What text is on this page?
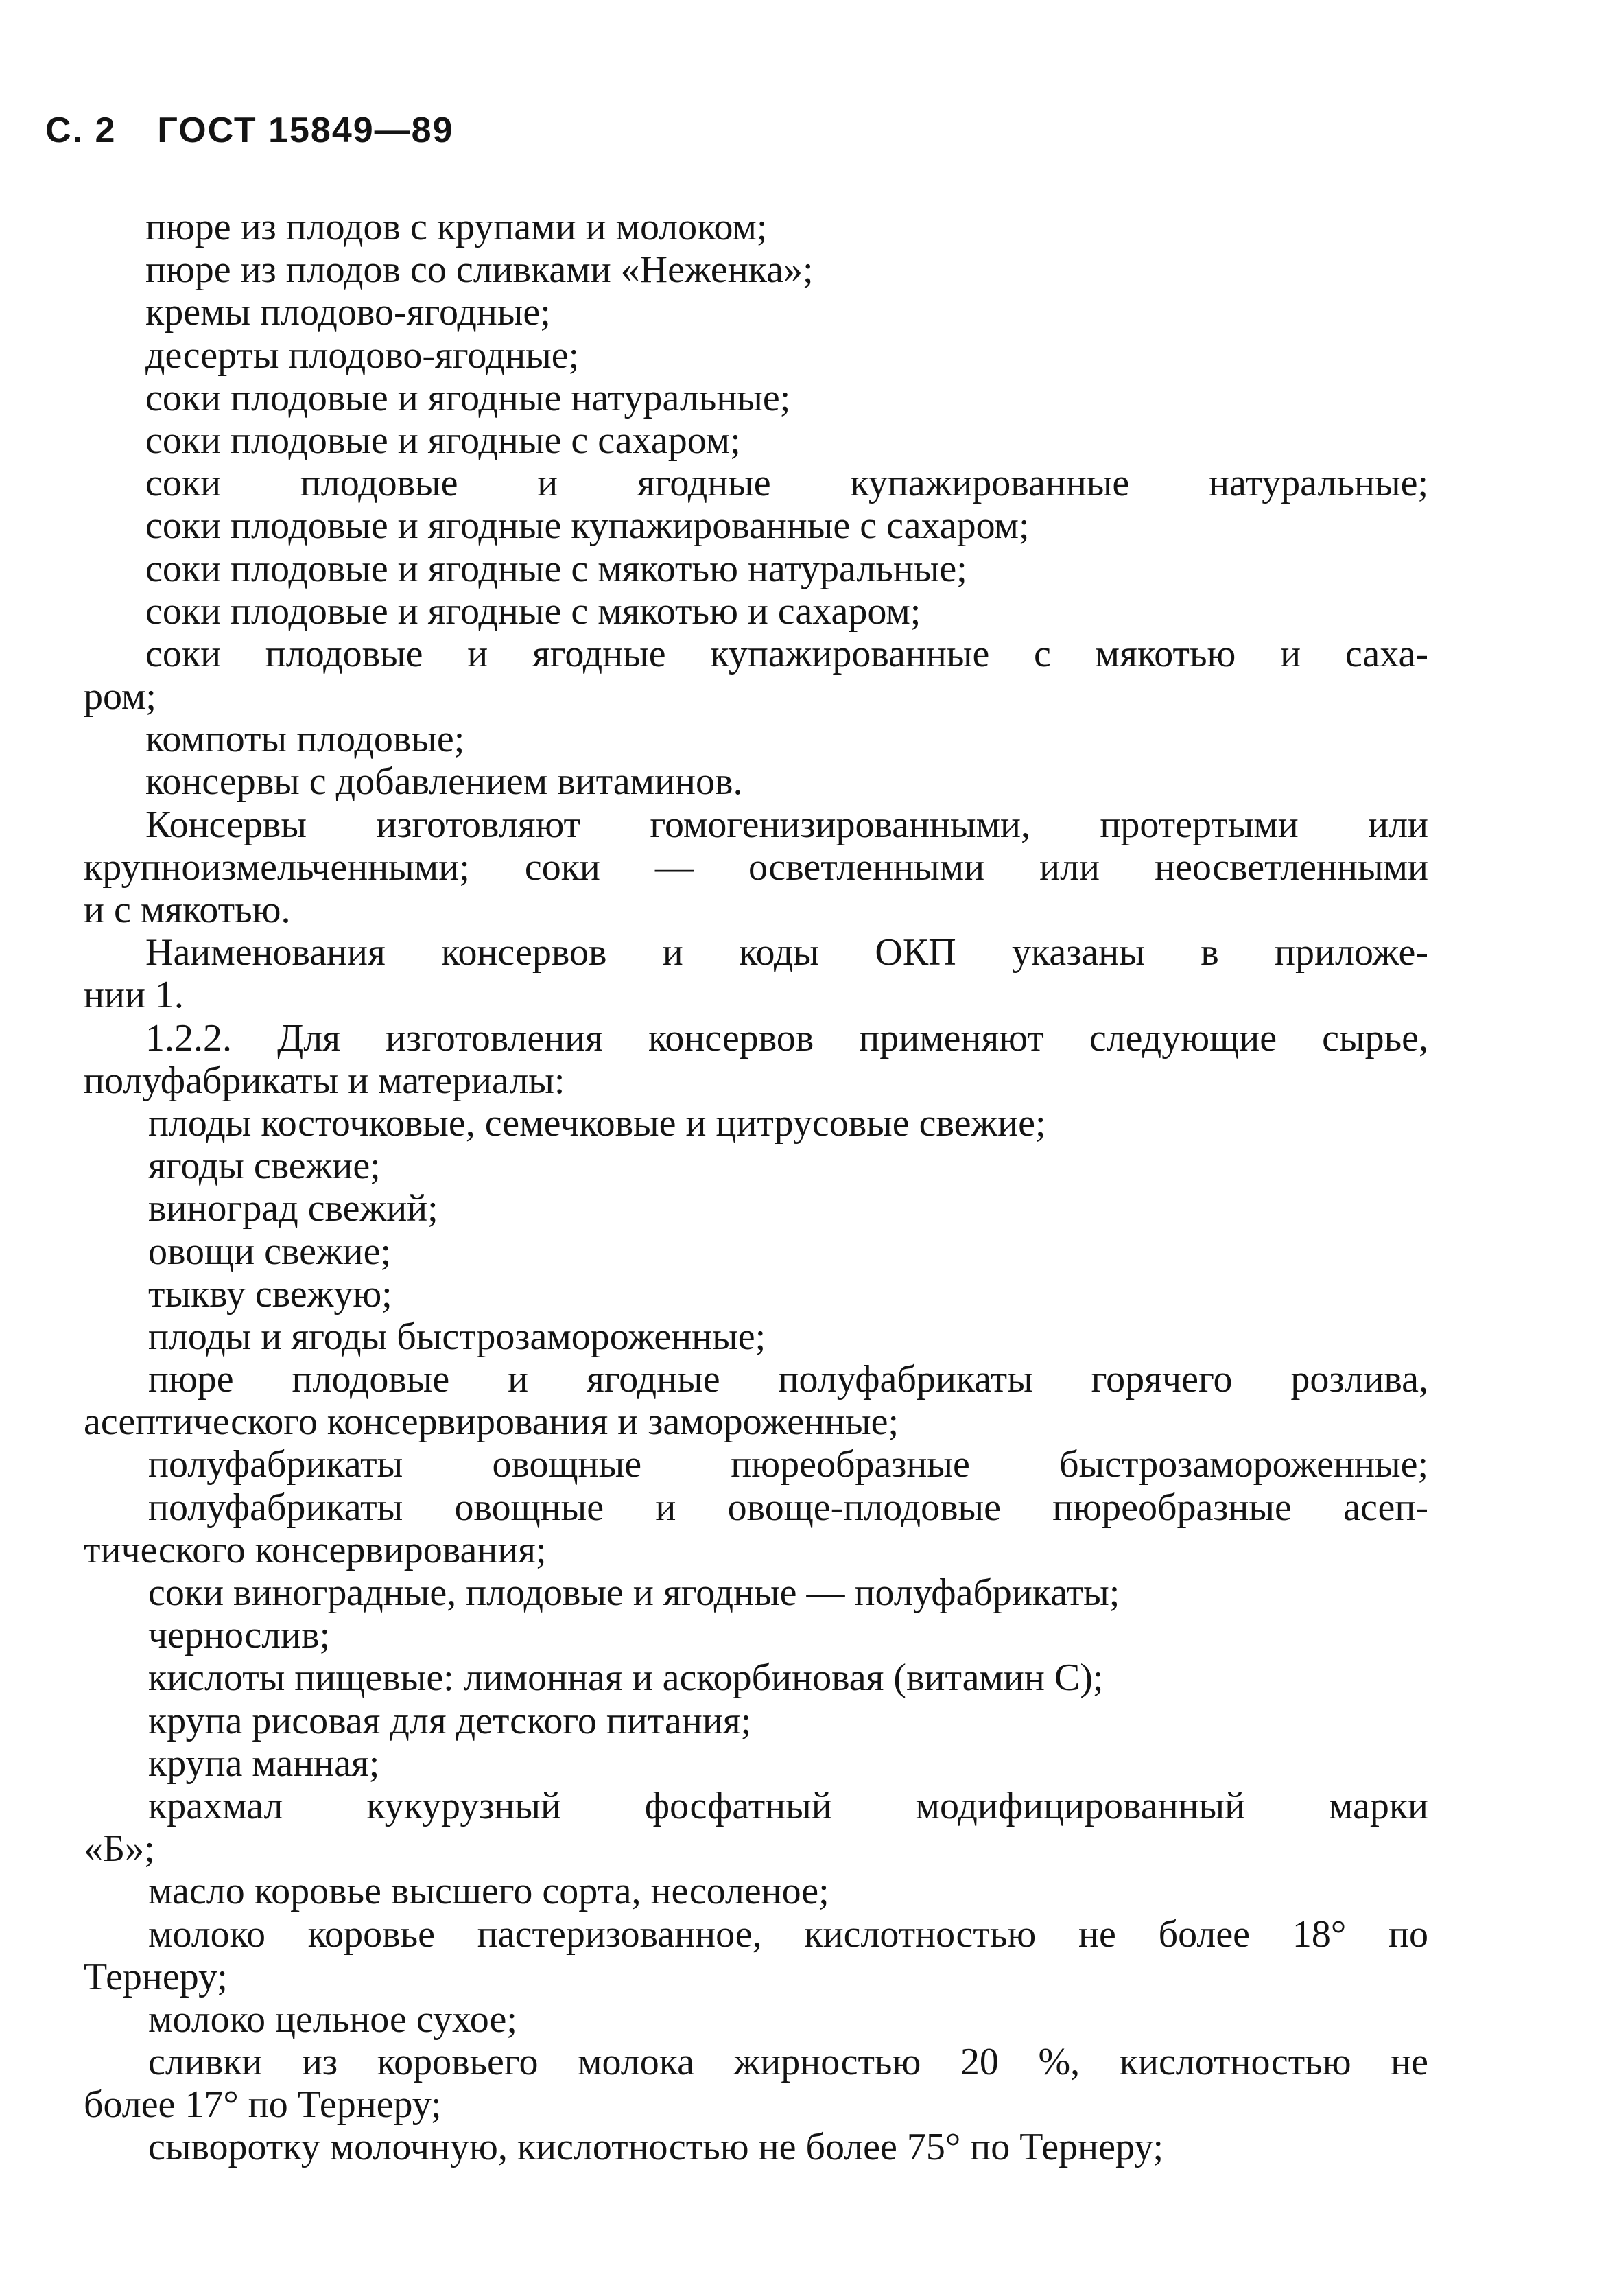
С. 2 ГОСТ 15849—89
пюре из плодов с крупами и молоком;
пюре из плодов со сливками «Неженка»;
кремы плодово-ягодные;
десерты плодово-ягодные;
соки плодовые и ягодные натуральные;
соки плодовые и ягодные с сахаром;
соки плодовые и ягодные купажированные натуральные;
соки плодовые и ягодные купажированные с сахаром;
соки плодовые и ягодные с мякотью натуральные;
соки плодовые и ягодные с мякотью и сахаром;
соки плодовые и ягодные купажированные с мякотью и саха-
ром;
компоты плодовые;
консервы с добавлением витаминов.
Консервы изготовляют гомогенизированными, протертыми или
крупноизмельченными; соки — осветленными или неосветленными
и с мякотью.
Наименования консервов и коды ОКП указаны в приложе-
нии 1.
1.2.2. Для изготовления консервов применяют следующие сырье,
полуфабрикаты и материалы:
плоды косточковые, семечковые и цитрусовые свежие;
ягоды свежие;
виноград свежий;
овощи свежие;
тыкву свежую;
плоды и ягоды быстрозамороженные;
пюре плодовые и ягодные полуфабрикаты горячего розлива,
асептического консервирования и замороженные;
полуфабрикаты овощные пюреобразные быстрозамороженные;
полуфабрикаты овощные и овоще-плодовые пюреобразные асеп-
тического консервирования;
соки виноградные, плодовые и ягодные — полуфабрикаты;
чернослив;
кислоты пищевые: лимонная и аскорбиновая (витамин С);
крупа рисовая для детского питания;
крупа манная;
крахмал кукурузный фосфатный модифицированный марки
«Б»;
масло коровье высшего сорта, несоленое;
молоко коровье пастеризованное, кислотностью не более 18° по
Тернеру;
молоко цельное сухое;
сливки из коровьего молока жирностью 20 %, кислотностью не
более 17° по Тернеру;
сыворотку молочную, кислотностью не более 75° по Тернеру;
